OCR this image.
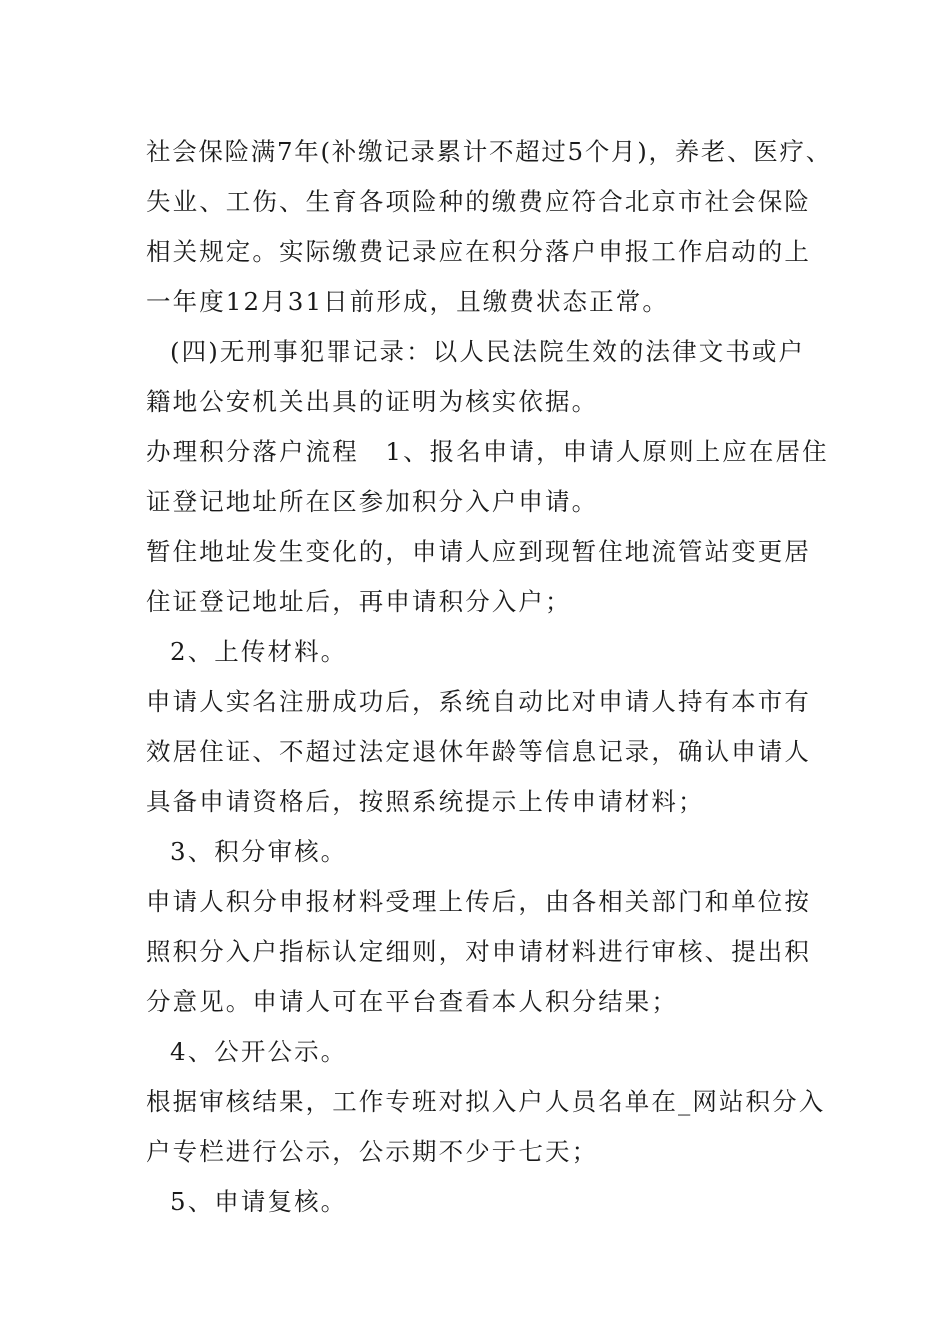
社会保险满7年(补缴记录累计不超过5个月)，养老、医疗、
失业、工伤、生育各项险种的缴费应符合北京市社会保险
相关规定。实际缴费记录应在积分落户申报工作启动的上
一年度12月31日前形成，且缴费状态正常。
(四)无刑事犯罪记录：以人民法院生效的法律文书或户
籍地公安机关出具的证明为核实依据。
办理积分落户流程　1、报名申请，申请人原则上应在居住
证登记地址所在区参加积分入户申请。
暂住地址发生变化的，申请人应到现暂住地流管站变更居
住证登记地址后，再申请积分入户；
2、上传材料。
申请人实名注册成功后，系统自动比对申请人持有本市有
效居住证、不超过法定退休年龄等信息记录，确认申请人
具备申请资格后，按照系统提示上传申请材料；
3、积分审核。
申请人积分申报材料受理上传后，由各相关部门和单位按
照积分入户指标认定细则，对申请材料进行审核、提出积
分意见。申请人可在平台查看本人积分结果；
4、公开公示。
根据审核结果，工作专班对拟入户人员名单在_网站积分入
户专栏进行公示，公示期不少于七天；
5、申请复核。
